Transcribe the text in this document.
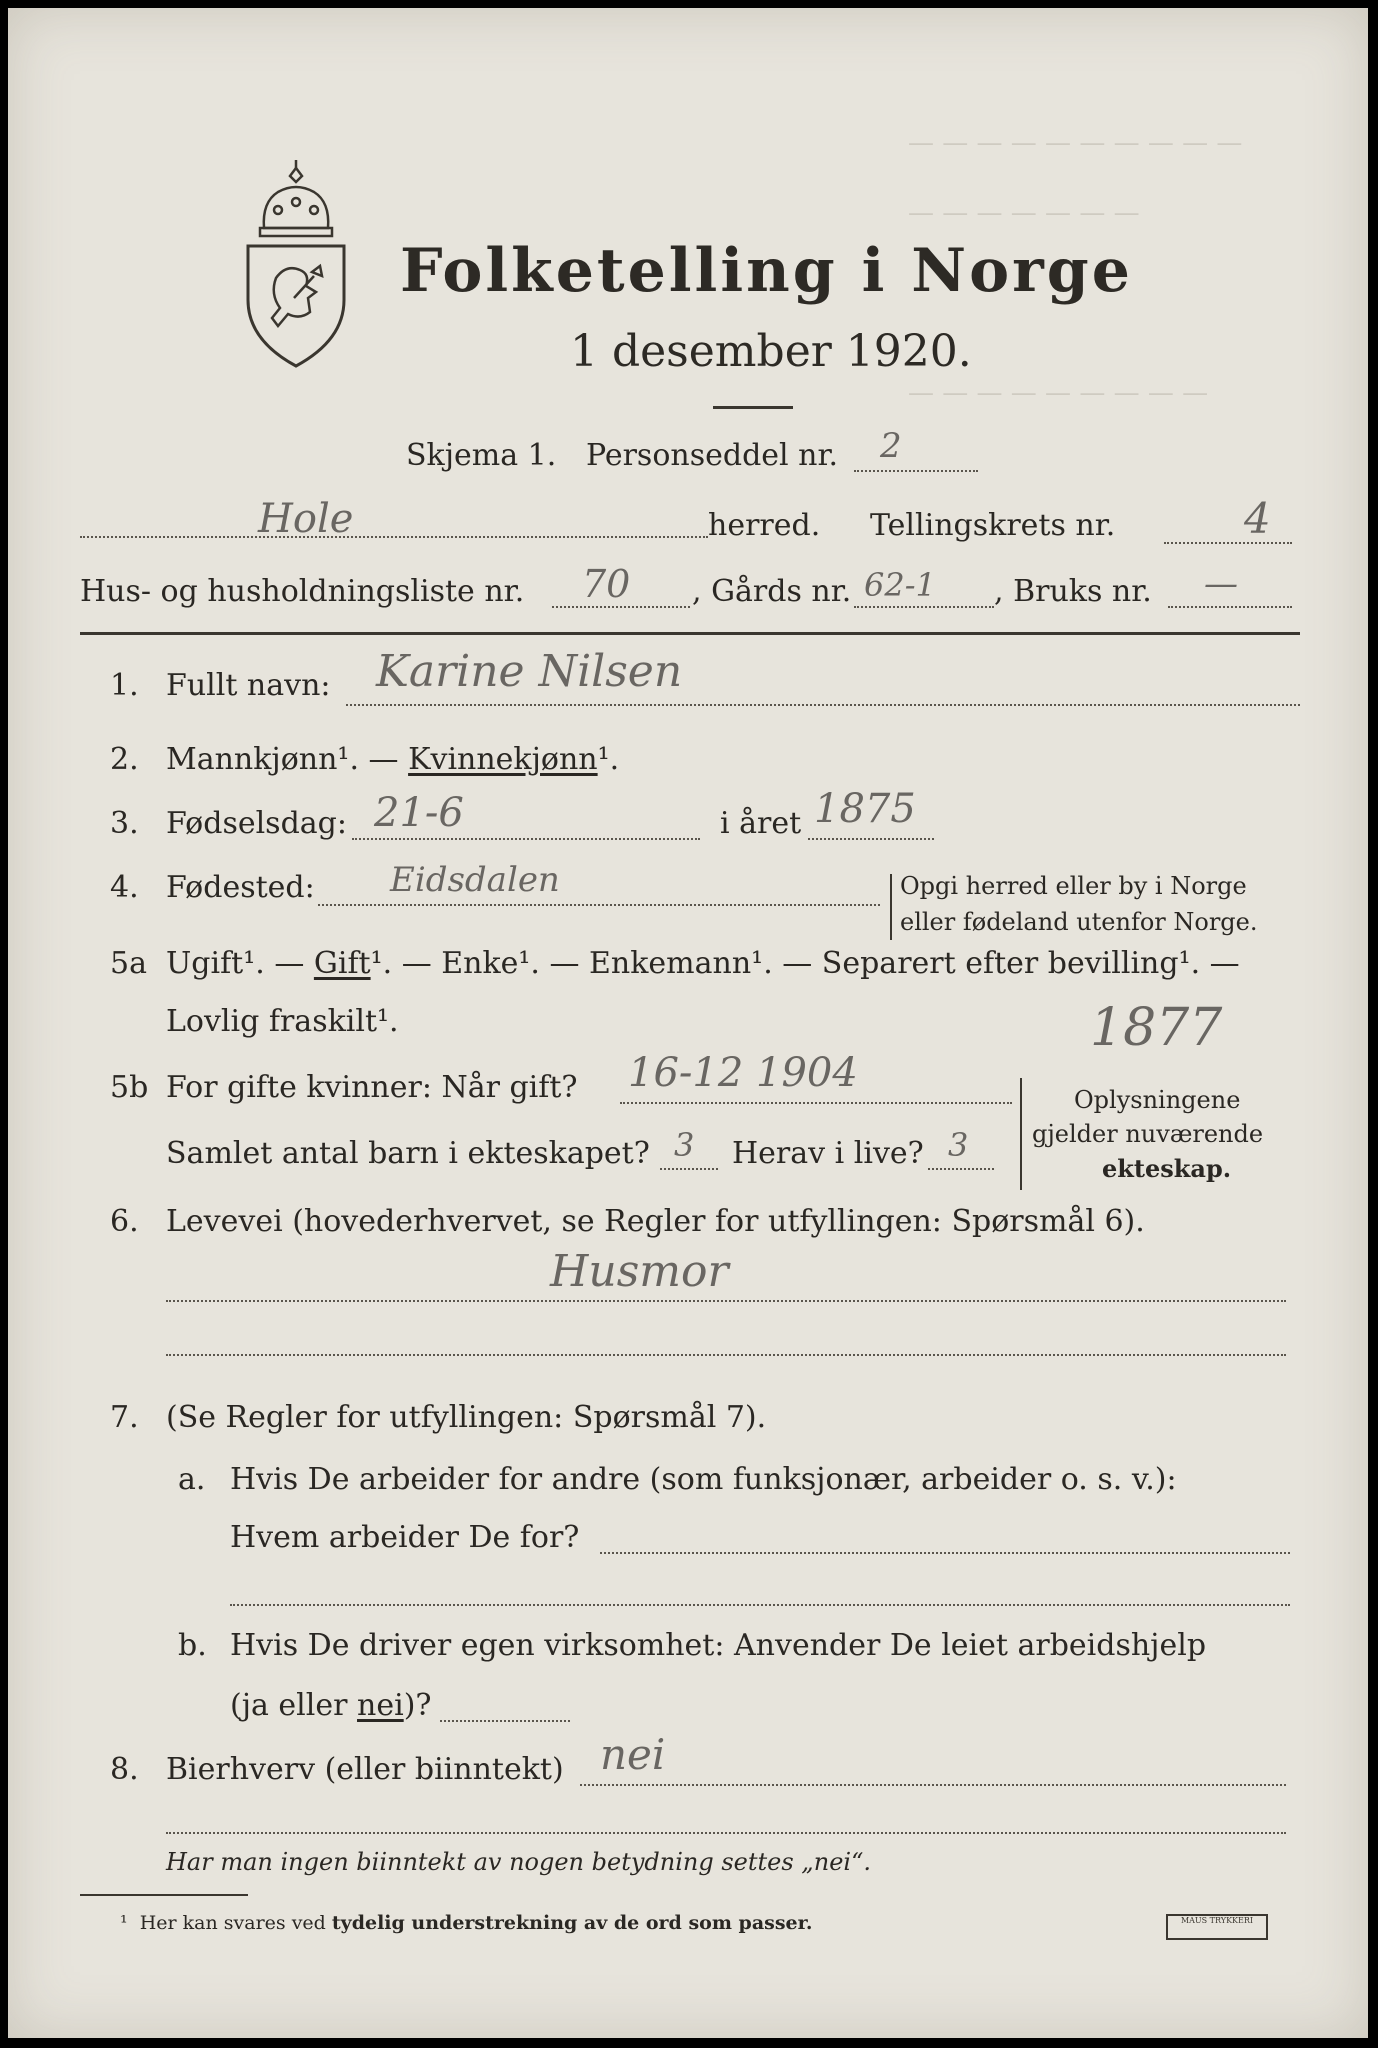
— — — — — — — — — —
— — — — — — —
— — — — — — — — —
Folketelling i Norge
1 desember 1920.
Skjema 1. Personseddel nr. 2
Hole	herred. Tellingskrets nr.	4
Hus- og husholdningsliste nr. 70 , Gårds nr. 62-1 , Bruks nr. —
1. Fullt navn: Karine Nilsen
2. Mannkjønn¹. — Kvinnekjønn¹.
3. Fødselsdag: 21-6	i året 1875
4. Fødested: Eidsdalen	Opgi herred eller by i Norge
eller fødeland utenfor Norge.
5a Ugift¹. — Gift¹. — Enke¹. — Enkemann¹. — Separert efter bevilling¹. —
Lovlig fraskilt¹.	1877
5b For gifte kvinner: Når gift? 16-12 1904
Samlet antal barn i ekteskapet? 3 Herav i live? 3
Oplysningene
gjelder nuværende
ekteskap.
6. Levevei (hovederhvervet, se Regler for utfyllingen: Spørsmål 6).
Husmor
7. (Se Regler for utfyllingen: Spørsmål 7).
a. Hvis De arbeider for andre (som funksjonær, arbeider o. s. v.):
Hvem arbeider De for?
b. Hvis De driver egen virksomhet: Anvender De leiet arbeidshjelp
(ja eller nei)?
8. Bierhverv (eller biinntekt) nei
Har man ingen biinntekt av nogen betydning settes „nei“.
¹ Her kan svares ved tydelig understrekning av de ord som passer.	MAUS TRYKKERI
